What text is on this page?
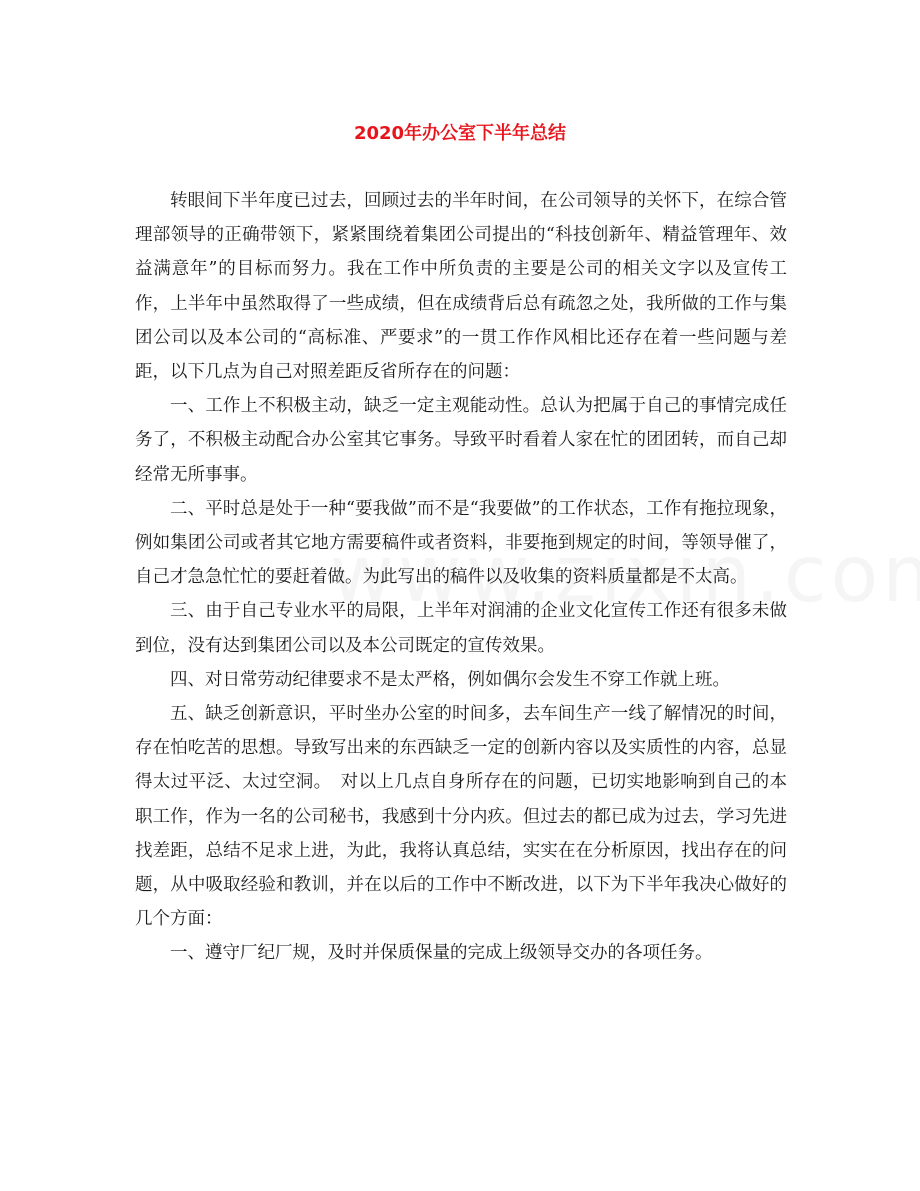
2020年办公室下半年总结

转眼间下半年度已过去，回顾过去的半年时间，在公司领导的关怀下，在综合管理部领导的正确带领下，紧紧围绕着集团公司提出的“科技创新年、精益管理年、效益满意年”的目标而努力。我在工作中所负责的主要是公司的相关文字以及宣传工作，上半年中虽然取得了一些成绩，但在成绩背后总有疏忽之处，我所做的工作与集团公司以及本公司的“高标准、严要求”的一贯工作作风相比还存在着一些问题与差距，以下几点为自己对照差距反省所存在的问题：

一、工作上不积极主动，缺乏一定主观能动性。总认为把属于自己的事情完成任务了，不积极主动配合办公室其它事务。导致平时看着人家在忙的团团转，而自己却经常无所事事。

二、平时总是处于一种“要我做”而不是“我要做”的工作状态，工作有拖拉现象，例如集团公司或者其它地方需要稿件或者资料，非要拖到规定的时间，等领导催了，自己才急急忙忙的要赶着做。为此写出的稿件以及收集的资料质量都是不太高。

三、由于自己专业水平的局限，上半年对润浦的企业文化宣传工作还有很多未做到位，没有达到集团公司以及本公司既定的宣传效果。

四、对日常劳动纪律要求不是太严格，例如偶尔会发生不穿工作就上班。

五、缺乏创新意识，平时坐办公室的时间多，去车间生产一线了解情况的时间，存在怕吃苦的思想。导致写出来的东西缺乏一定的创新内容以及实质性的内容，总显得太过平泛、太过空洞。　对以上几点自身所存在的问题，已切实地影响到自己的本职工作，作为一名的公司秘书，我感到十分内疚。但过去的都已成为过去，学习先进找差距，总结不足求上进，为此，我将认真总结，实实在在分析原因，找出存在的问题，从中吸取经验和教训，并在以后的工作中不断改进，以下为下半年我决心做好的几个方面：

一、遵守厂纪厂规，及时并保质保量的完成上级领导交办的各项任务。
